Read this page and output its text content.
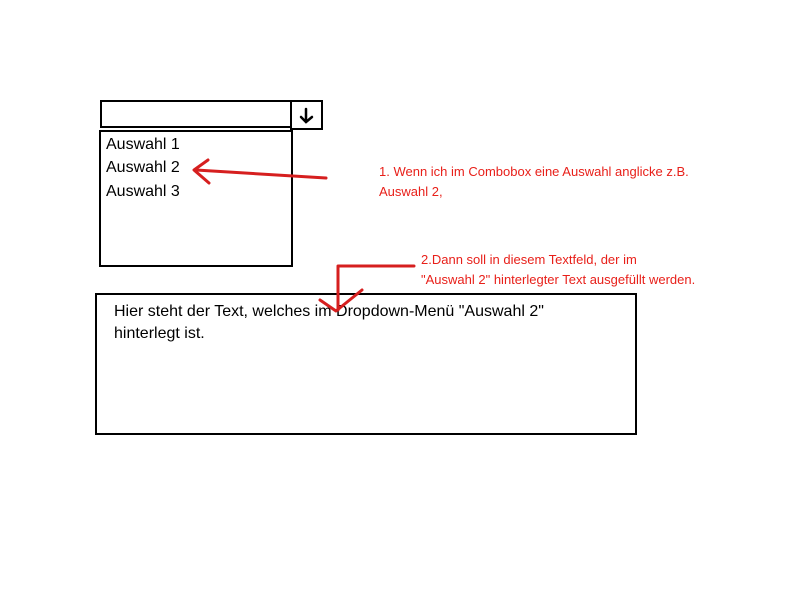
Auswahl 1
Auswahl 2
Auswahl 3
Hier steht der Text, welches im Dropdown-Menü "Auswahl 2" hinterlegt ist.
1. Wenn ich im Combobox eine Auswahl anglicke z.B.
Auswahl 2,
2.Dann soll in diesem Textfeld, der im
"Auswahl 2" hinterlegter Text ausgefüllt werden.
